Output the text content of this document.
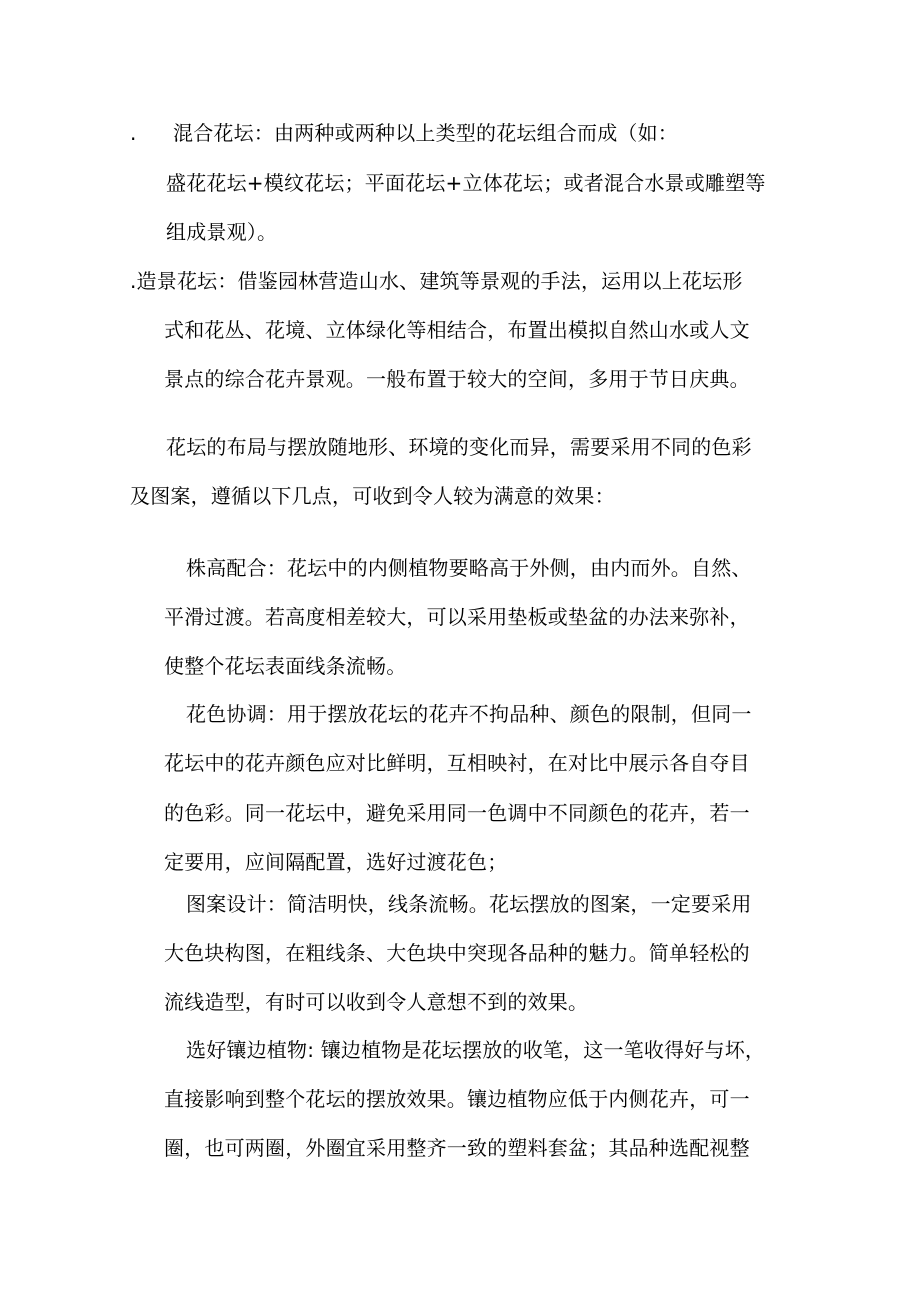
. 混合花坛：由两种或两种以上类型的花坛组合而成（如：
盛花花坛+模纹花坛；平面花坛+立体花坛；或者混合水景或雕塑等
组成景观）。
.造景花坛：借鉴园林营造山水、建筑等景观的手法，运用以上花坛形
式和花丛、花境、立体绿化等相结合，布置出模拟自然山水或人文
景点的综合花卉景观。一般布置于较大的空间，多用于节日庆典。
花坛的布局与摆放随地形、环境的变化而异，需要采用不同的色彩
及图案，遵循以下几点，可收到令人较为满意的效果：
株高配合：花坛中的内侧植物要略高于外侧，由内而外。自然、
平滑过渡。若高度相差较大，可以采用垫板或垫盆的办法来弥补，
使整个花坛表面线条流畅。
花色协调：用于摆放花坛的花卉不拘品种、颜色的限制，但同一
花坛中的花卉颜色应对比鲜明，互相映衬，在对比中展示各自夺目
的色彩。同一花坛中，避免采用同一色调中不同颜色的花卉，若一
定要用，应间隔配置，选好过渡花色；
图案设计：简洁明快，线条流畅。花坛摆放的图案，一定要采用
大色块构图，在粗线条、大色块中突现各品种的魅力。简单轻松的
流线造型，有时可以收到令人意想不到的效果。
选好镶边植物: 镶边植物是花坛摆放的收笔，这一笔收得好与坏，
直接影响到整个花坛的摆放效果。镶边植物应低于内侧花卉，可一
圈，也可两圈，外圈宜采用整齐一致的塑料套盆；其品种选配视整
